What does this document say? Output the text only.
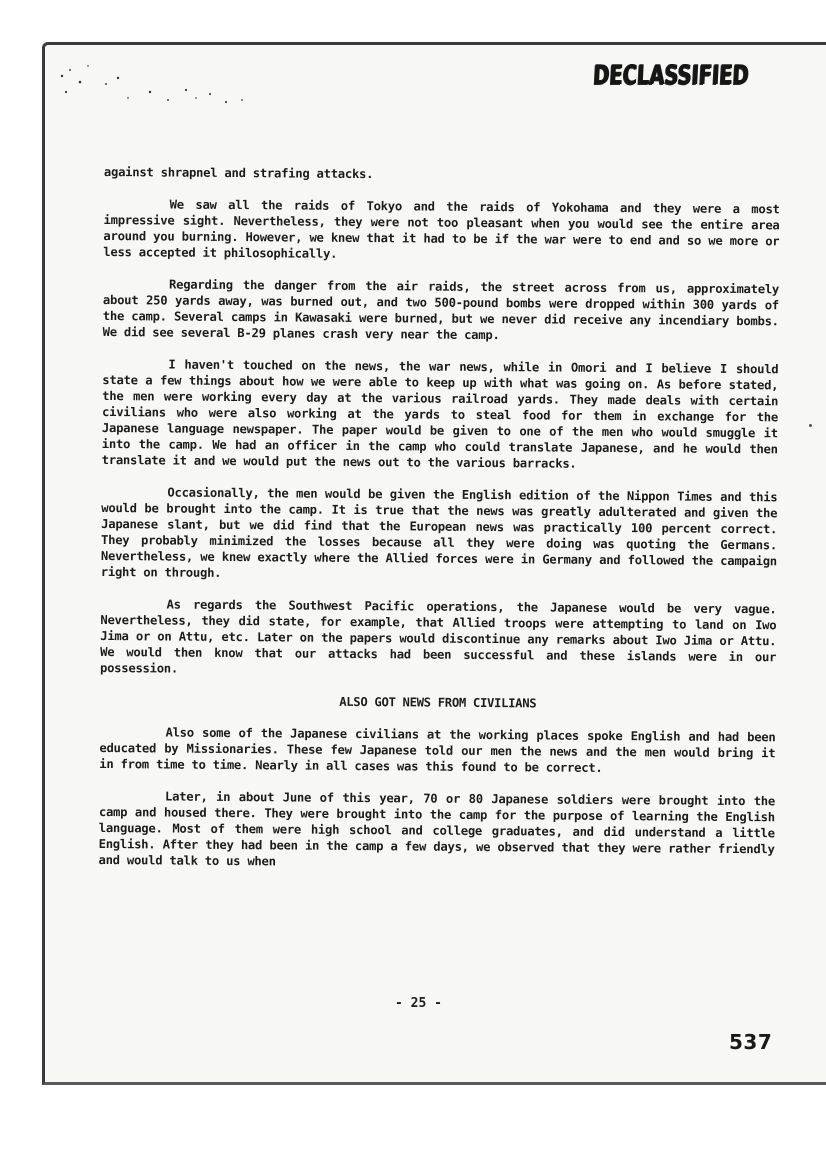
DECLASSIFIED

against shrapnel and strafing attacks.

We saw all the raids of Tokyo and the raids of Yokohama and they were a most impressive sight. Nevertheless, they were not too pleasant when you would see the entire area around you burning. However, we knew that it had to be if the war were to end and so we more or less accepted it philosophically.

Regarding the danger from the air raids, the street across from us, approximately about 250 yards away, was burned out, and two 500-pound bombs were dropped within 300 yards of the camp. Several camps in Kawasaki were burned, but we never did receive any incendiary bombs. We did see several B-29 planes crash very near the camp.

I haven't touched on the news, the war news, while in Omori and I believe I should state a few things about how we were able to keep up with what was going on. As before stated, the men were working every day at the various railroad yards. They made deals with certain civilians who were also working at the yards to steal food for them in exchange for the Japanese language newspaper. The paper would be given to one of the men who would smuggle it into the camp. We had an officer in the camp who could translate Japanese, and he would then translate it and we would put the news out to the various barracks.

Occasionally, the men would be given the English edition of the Nippon Times and this would be brought into the camp. It is true that the news was greatly adulterated and given the Japanese slant, but we did find that the European news was practically 100 percent correct. They probably minimized the losses because all they were doing was quoting the Germans. Nevertheless, we knew exactly where the Allied forces were in Germany and followed the campaign right on through.

As regards the Southwest Pacific operations, the Japanese would be very vague. Nevertheless, they did state, for example, that Allied troops were attempting to land on Iwo Jima or on Attu, etc. Later on the papers would discontinue any remarks about Iwo Jima or Attu. We would then know that our attacks had been successful and these islands were in our possession.

ALSO GOT NEWS FROM CIVILIANS

Also some of the Japanese civilians at the working places spoke English and had been educated by Missionaries. These few Japanese told our men the news and the men would bring it in from time to time. Nearly in all cases was this found to be correct.

Later, in about June of this year, 70 or 80 Japanese soldiers were brought into the camp and housed there. They were brought into the camp for the purpose of learning the English language. Most of them were high school and college graduates, and did understand a little English. After they had been in the camp a few days, we observed that they were rather friendly and would talk to us when

- 25 -
537
